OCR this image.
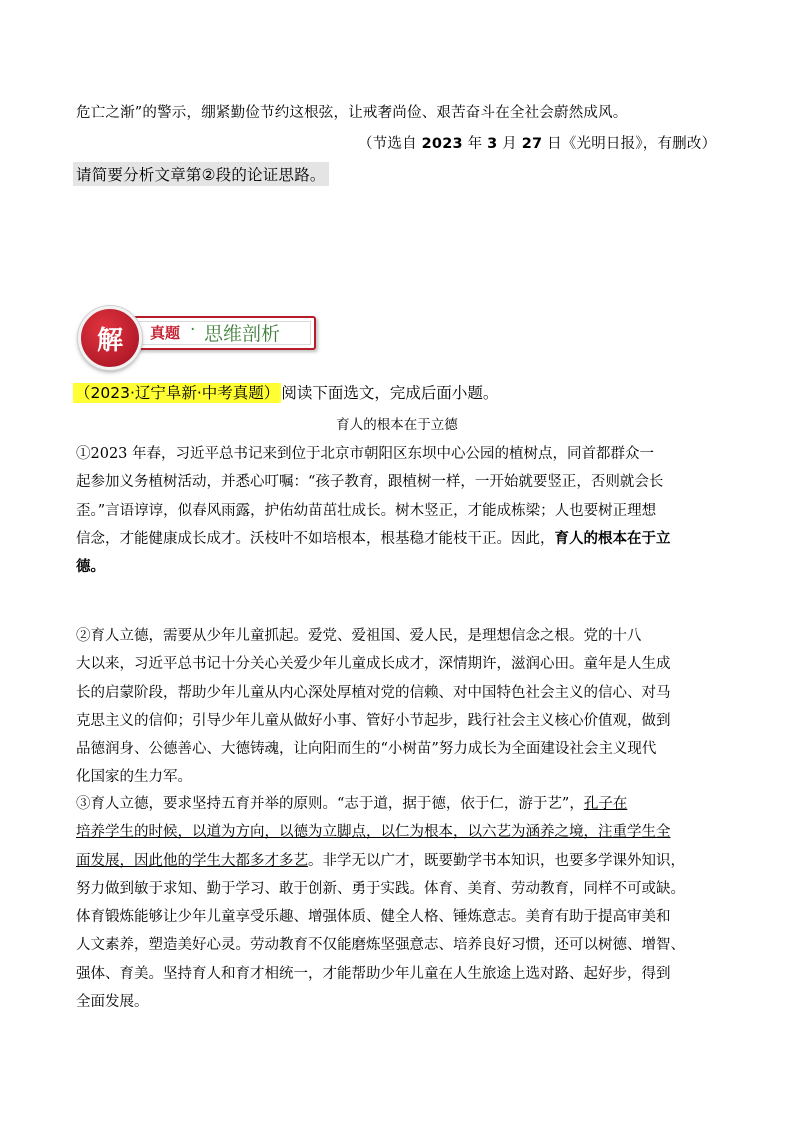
危亡之渐”的警示，绷紧勤俭节约这根弦，让戒奢尚俭、艰苦奋斗在全社会蔚然成风。
（节选自 2023 年 3 月 27 日《光明日报》，有删改）
请简要分析文章第②段的论证思路。
解 真题 · 思维剖析
（2023·辽宁阜新·中考真题） 阅读下面选文，完成后面小题。
育人的根本在于立德
①2023 年春，习近平总书记来到位于北京市朝阳区东坝中心公园的植树点，同首都群众一
起参加义务植树活动，并悉心叮嘱：“孩子教育，跟植树一样，一开始就要竖正，否则就会长
歪。”言语谆谆，似春风雨露，护佑幼苗茁壮成长。树木竖正，才能成栋梁；人也要树正理想
信念，才能健康成长成才。沃枝叶不如培根本，根基稳才能枝干正。因此，育人的根本在于立
德。
②育人立德，需要从少年儿童抓起。爱党、爱祖国、爱人民，是理想信念之根。党的十八
大以来，习近平总书记十分关心关爱少年儿童成长成才，深情期许，滋润心田。童年是人生成
长的启蒙阶段，帮助少年儿童从内心深处厚植对党的信赖、对中国特色社会主义的信心、对马
克思主义的信仰；引导少年儿童从做好小事、管好小节起步，践行社会主义核心价值观，做到
品德润身、公德善心、大德铸魂，让向阳而生的“小树苗”努力成长为全面建设社会主义现代
化国家的生力军。
③育人立德，要求坚持五育并举的原则。“志于道，据于德，依于仁，游于艺”，孔子在
培养学生的时候，以道为方向，以德为立脚点，以仁为根本，以六艺为涵养之境，注重学生全
面发展，因此他的学生大都多才多艺。非学无以广才，既要勤学书本知识，也要多学课外知识，
努力做到敏于求知、勤于学习、敢于创新、勇于实践。体育、美育、劳动教育，同样不可或缺。
体育锻炼能够让少年儿童享受乐趣、增强体质、健全人格、锤炼意志。美育有助于提高审美和
人文素养，塑造美好心灵。劳动教育不仅能磨炼坚强意志、培养良好习惯，还可以树德、增智、
强体、育美。坚持育人和育才相统一，才能帮助少年儿童在人生旅途上选对路、起好步，得到
全面发展。
